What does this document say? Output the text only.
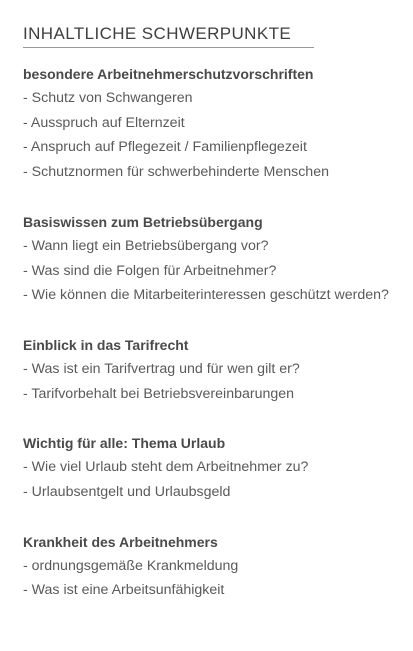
INHALTLICHE SCHWERPUNKTE

besondere Arbeitnehmerschutzvorschriften

- Schutz von Schwangeren
- Ausspruch auf Elternzeit
- Anspruch auf Pflegezeit / Familienpflegezeit
- Schutznormen für schwerbehinderte Menschen

Basiswissen zum Betriebsübergang

- Wann liegt ein Betriebsübergang vor?
- Was sind die Folgen für Arbeitnehmer?
- Wie können die Mitarbeiterinteressen geschützt werden?

Einblick in das Tarifrecht

- Was ist ein Tarifvertrag und für wen gilt er?
- Tarifvorbehalt bei Betriebsvereinbarungen

Wichtig für alle: Thema Urlaub

- Wie viel Urlaub steht dem Arbeitnehmer zu?
- Urlaubsentgelt und Urlaubsgeld

Krankheit des Arbeitnehmers

- ordnungsgemäße Krankmeldung
- Was ist eine Arbeitsunfähigkeit
